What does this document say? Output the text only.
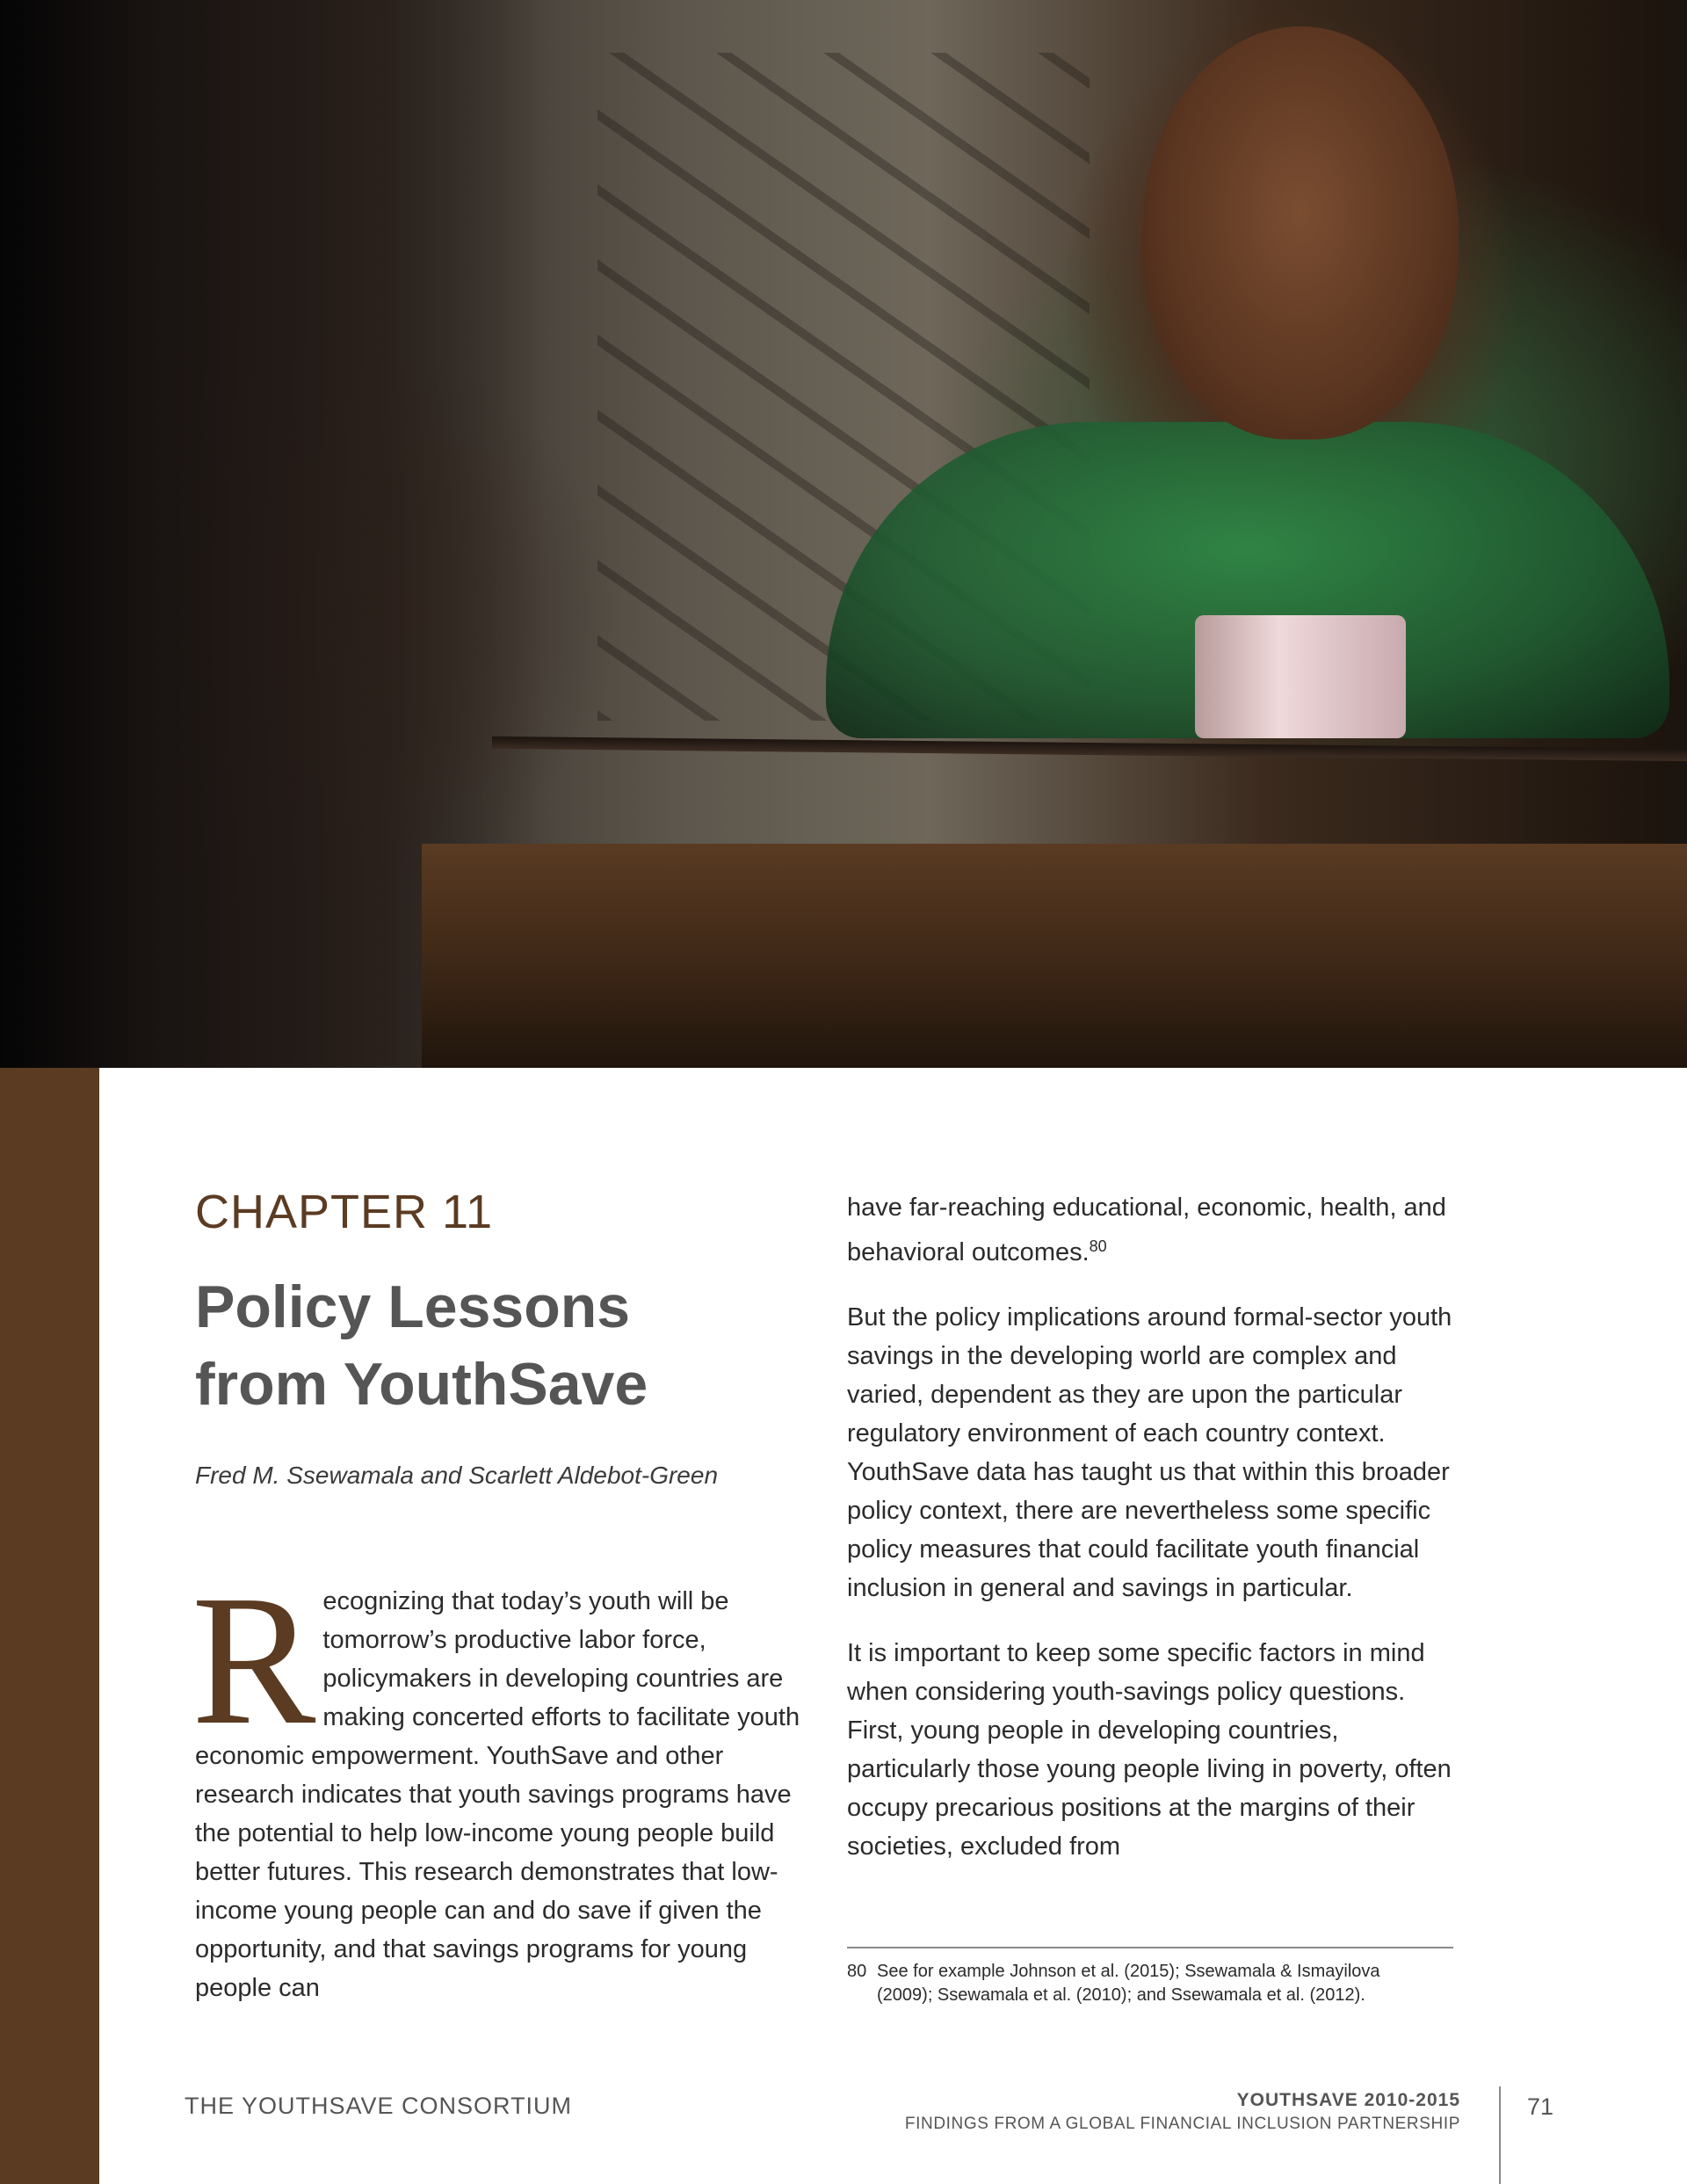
CHAPTER 11
Policy Lessons
from YouthSave

Fred M. Ssewamala and Scarlett Aldebot-Green

Recognizing that today’s youth will be tomorrow’s productive labor force, policymakers in developing countries are making concerted efforts to facilitate youth economic empowerment. YouthSave and other research indicates that youth savings programs have the potential to help low-income young people build better futures. This research demonstrates that low-income young people can and do save if given the opportunity, and that savings programs for young people can

have far-reaching educational, economic, health, and behavioral outcomes.$^{80}$

But the policy implications around formal-sector youth savings in the developing world are complex and varied, dependent as they are upon the particular regulatory environment of each country context. YouthSave data has taught us that within this broader policy context, there are nevertheless some specific policy measures that could facilitate youth financial inclusion in general and savings in particular.

It is important to keep some specific factors in mind when considering youth-savings policy questions. First, young people in developing countries, particularly those young people living in poverty, often occupy precarious positions at the margins of their societies, excluded from

80 See for example Johnson et al. (2015); Ssewamala & Ismayilova (2009); Ssewamala et al. (2010); and Ssewamala et al. (2012).
THE YOUTHSAVE CONSORTIUM	YOUTHSAVE 2010-2015
FINDINGS FROM A GLOBAL FINANCIAL INCLUSION PARTNERSHIP
71
